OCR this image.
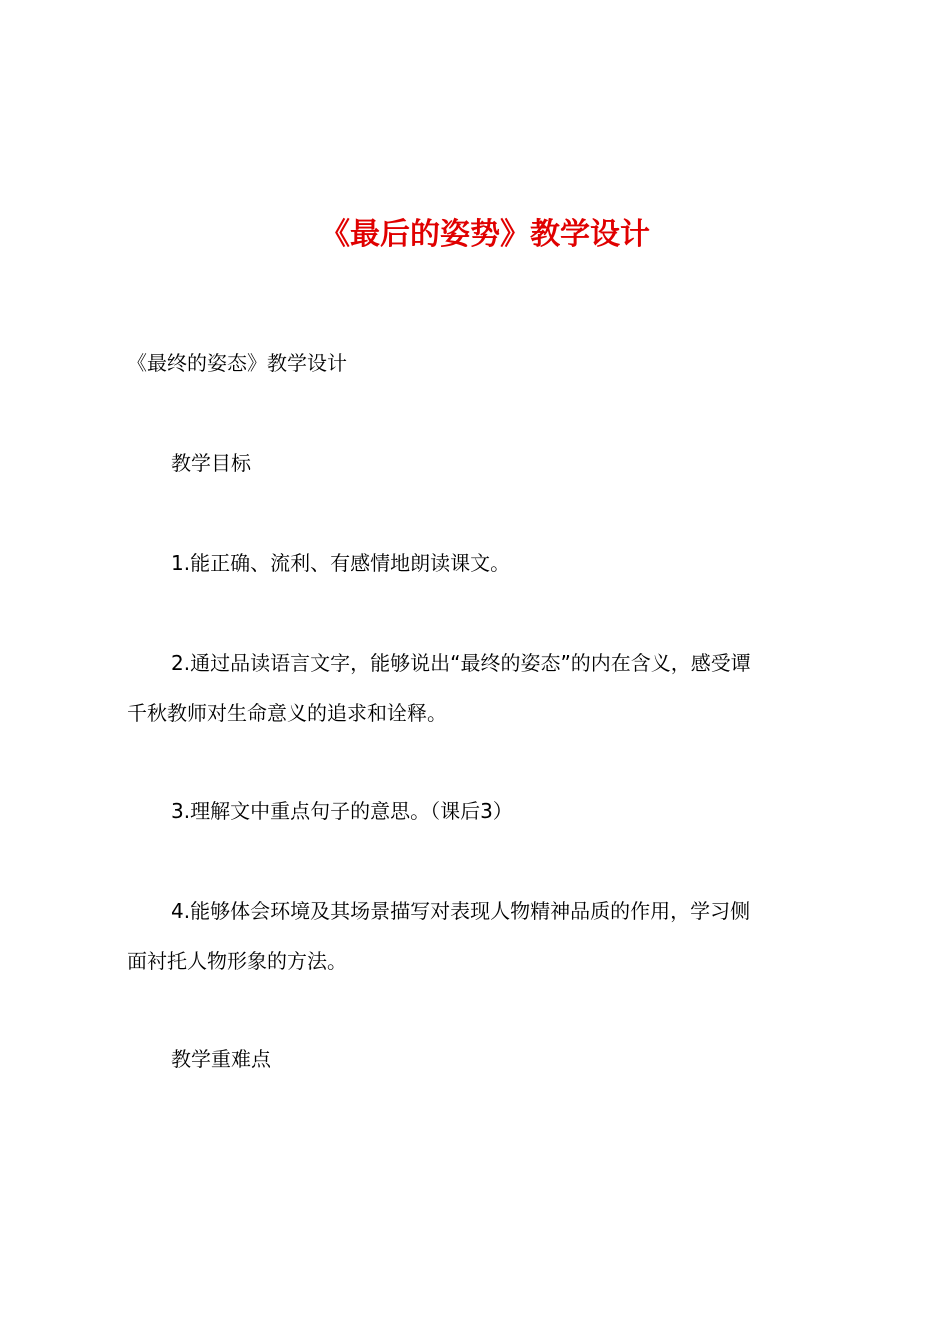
《最后的姿势》教学设计
《最终的姿态》教学设计
教学目标
1.能正确、流利、有感情地朗读课文。
2.通过品读语言文字，能够说出“最终的姿态”的内在含义，感受谭
千秋教师对生命意义的追求和诠释。
3.理解文中重点句子的意思。（课后3）
4.能够体会环境及其场景描写对表现人物精神品质的作用，学习侧
面衬托人物形象的方法。
教学重难点
